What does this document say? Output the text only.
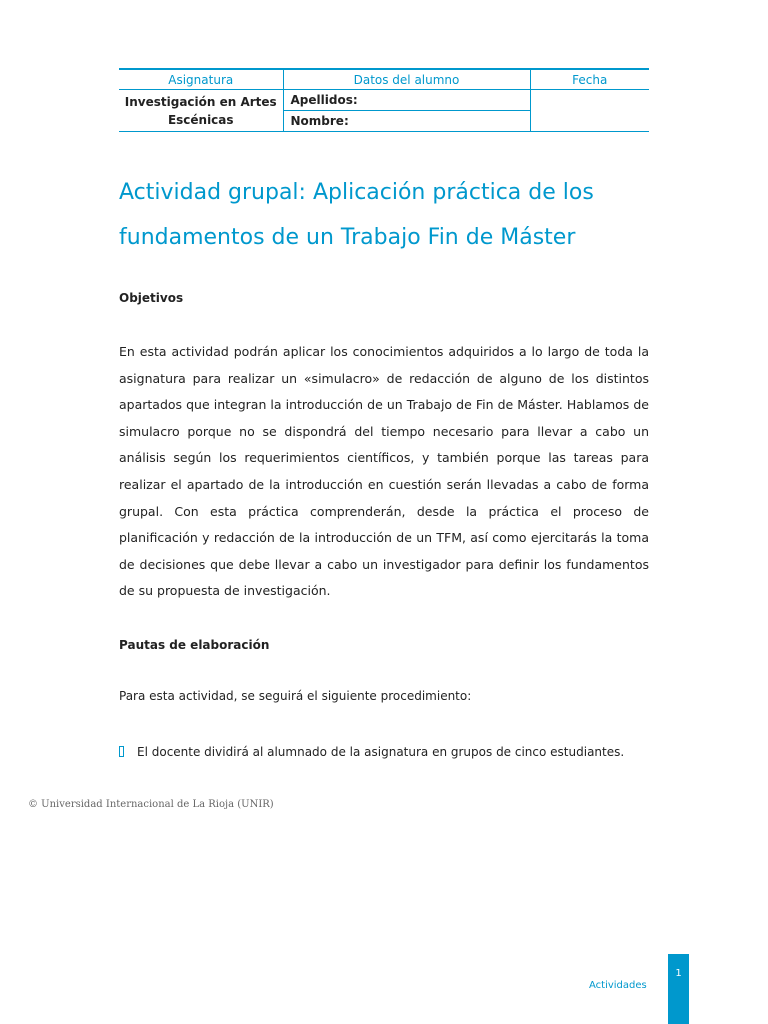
Asignatura	Datos del alumno	Fecha
Investigación en Artes Escénicas	Apellidos:	
	Nombre:	
Actividad grupal: Aplicación práctica de los fundamentos de un Trabajo Fin de Máster

Objetivos

En esta actividad podrán aplicar los conocimientos adquiridos a lo largo de toda la asignatura para realizar un «simulacro» de redacción de alguno de los distintos apartados que integran la introducción de un Trabajo de Fin de Máster. Hablamos de simulacro porque no se dispondrá del tiempo necesario para llevar a cabo un análisis según los requerimientos científicos, y también porque las tareas para realizar el apartado de la introducción en cuestión serán llevadas a cabo de forma grupal. Con esta práctica comprenderán, desde la práctica el proceso de planificación y redacción de la introducción de un TFM, así como ejercitarás la toma de decisiones que debe llevar a cabo un investigador para definir los fundamentos de su propuesta de investigación.

Pautas de elaboración

Para esta actividad, se seguirá el siguiente procedimiento:

El docente dividirá al alumnado de la asignatura en grupos de cinco estudiantes.

© Universidad Internacional de La Rioja (UNIR)

Actividades
1
